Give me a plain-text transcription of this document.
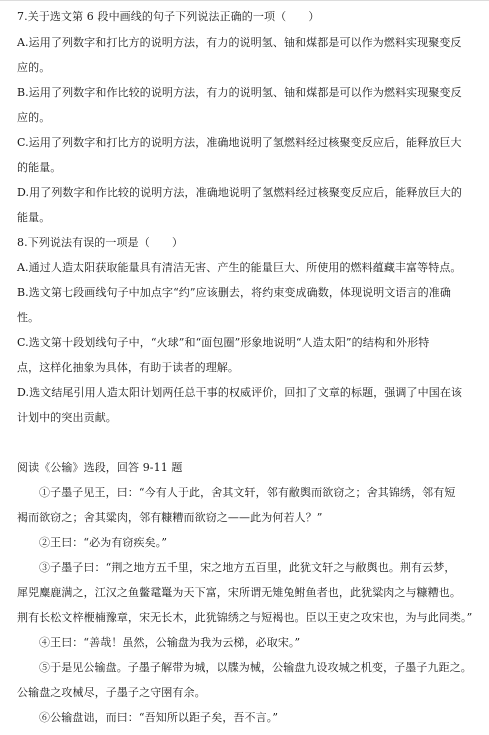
7.关于选文第 6 段中画线的句子下列说法正确的一项（　　）
A.运用了列数字和打比方的说明方法，有力的说明氢、铀和煤都是可以作为燃料实现聚变反
应的。
B.运用了列数字和作比较的说明方法，有力的说明氢、铀和煤都是可以作为燃料实现聚变反
应的。
C.运用了列数字和打比方的说明方法，准确地说明了氢燃料经过核聚变反应后，能释放巨大
的能量。
D.用了列数字和作比较的说明方法，准确地说明了氢燃料经过核聚变反应后，能释放巨大的
能量。
8.下列说法有误的一项是（　　）
A.通过人造太阳获取能量具有清洁无害、产生的能量巨大、所使用的燃料蕴藏丰富等特点。
B.选文第七段画线句子中加点字“约”应该删去，将约束变成确数，体现说明文语言的准确
性。
C.选文第十段划线句子中，“火球”和“面包圈”形象地说明“人造太阳”的结构和外形特
点，这样化抽象为具体，有助于读者的理解。
D.选文结尾引用人造太阳计划两任总干事的权威评价，回扣了文章的标题，强调了中国在该
计划中的突出贡献。
阅读《公输》选段，回答 9-11 题
①子墨子见王，曰：“今有人于此，舍其文轩，邻有敝舆而欲窃之；舍其锦绣，邻有短
褐而欲窃之；舍其粱肉，邻有糠糟而欲窃之——此为何若人？”
②王曰：“必为有窃疾矣。”
③子墨子曰：“荆之地方五千里，宋之地方五百里，此犹文轩之与敝舆也。荆有云梦，
犀兕麋鹿满之，江汉之鱼鳖鼋鼍为天下富，宋所谓无雉兔鲋鱼者也，此犹粱肉之与糠糟也。
荆有长松文梓楩楠豫章，宋无长木，此犹锦绣之与短褐也。臣以王吏之攻宋也，为与此同类。”
④王曰：“善哉！虽然，公输盘为我为云梯，必取宋。”
⑤于是见公输盘。子墨子解带为城，以牒为械，公输盘九设攻城之机变，子墨子九距之。
公输盘之攻械尽，子墨子之守圉有余。
⑥公输盘诎，而曰：“吾知所以距子矣，吾不言。”
